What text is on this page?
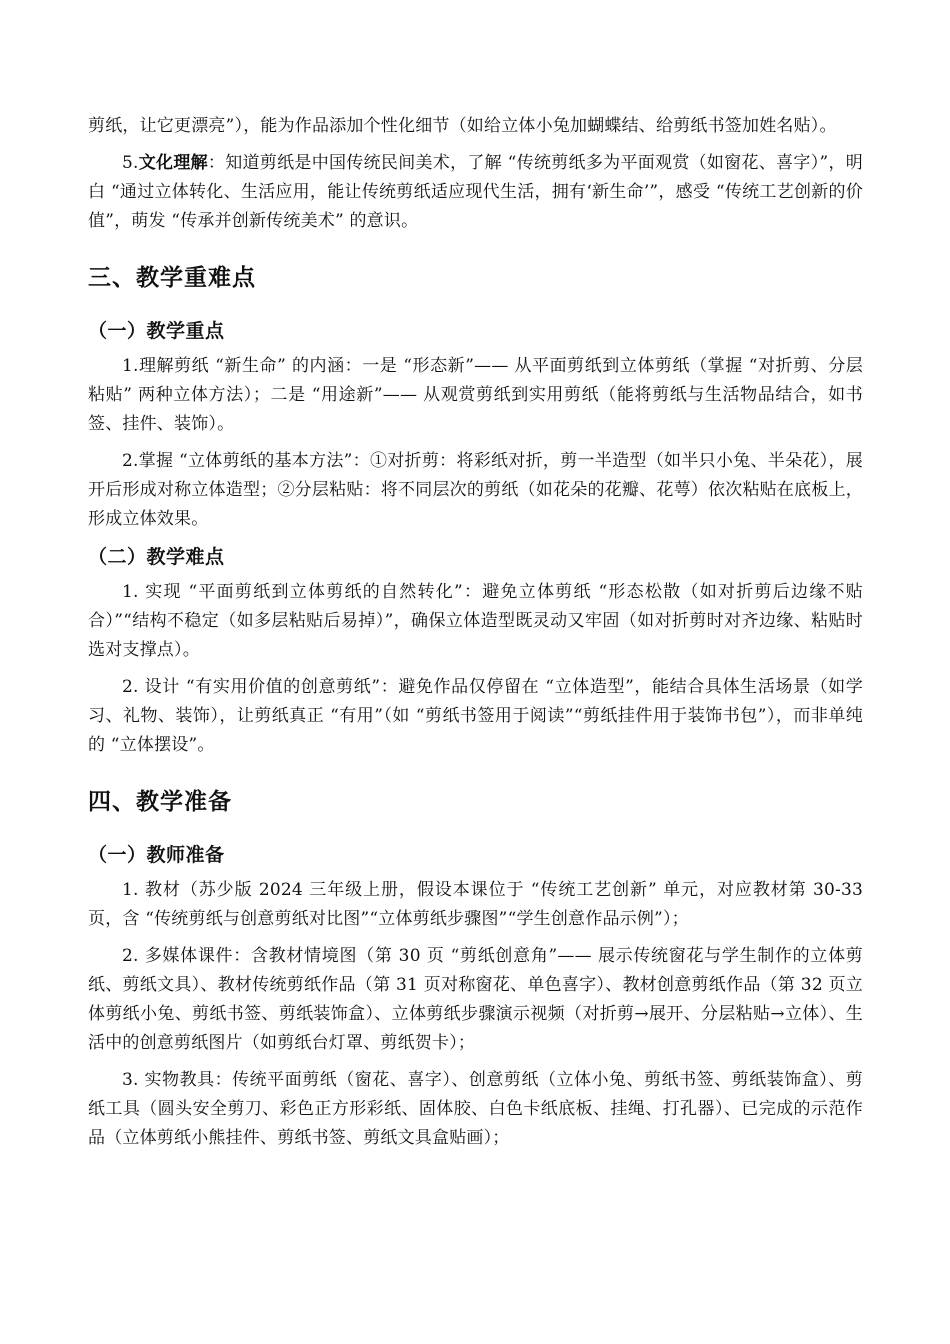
剪纸，让它更漂亮”），能为作品添加个性化细节（如给立体小兔加蝴蝶结、给剪纸书签加姓名贴）。

5.文化理解：知道剪纸是中国传统民间美术，了解 “传统剪纸多为平面观赏（如窗花、喜字）”，明白 “通过立体转化、生活应用，能让传统剪纸适应现代生活，拥有‘新生命’”，感受 “传统工艺创新的价值”，萌发 “传承并创新传统美术” 的意识。

三、教学重难点
（一）教学重点

1.理解剪纸 “新生命” 的内涵：一是 “形态新”—— 从平面剪纸到立体剪纸（掌握 “对折剪、分层粘贴” 两种立体方法）；二是 “用途新”—— 从观赏剪纸到实用剪纸（能将剪纸与生活物品结合，如书签、挂件、装饰）。

2.掌握 “立体剪纸的基本方法”：①对折剪：将彩纸对折，剪一半造型（如半只小兔、半朵花），展开后形成对称立体造型；②分层粘贴：将不同层次的剪纸（如花朵的花瓣、花萼）依次粘贴在底板上，形成立体效果。

（二）教学难点

1. 实现 “平面剪纸到立体剪纸的自然转化”：避免立体剪纸 “形态松散（如对折剪后边缘不贴合）”“结构不稳定（如多层粘贴后易掉）”，确保立体造型既灵动又牢固（如对折剪时对齐边缘、粘贴时选对支撑点）。

2. 设计 “有实用价值的创意剪纸”：避免作品仅停留在 “立体造型”，能结合具体生活场景（如学习、礼物、装饰），让剪纸真正 “有用”（如 “剪纸书签用于阅读”“剪纸挂件用于装饰书包”），而非单纯的 “立体摆设”。

四、教学准备
（一）教师准备

1. 教材（苏少版 2024 三年级上册，假设本课位于 “传统工艺创新” 单元，对应教材第 30-33 页，含 “传统剪纸与创意剪纸对比图”“立体剪纸步骤图”“学生创意作品示例”）；

2. 多媒体课件：含教材情境图（第 30 页 “剪纸创意角”—— 展示传统窗花与学生制作的立体剪纸、剪纸文具）、教材传统剪纸作品（第 31 页对称窗花、单色喜字）、教材创意剪纸作品（第 32 页立体剪纸小兔、剪纸书签、剪纸装饰盒）、立体剪纸步骤演示视频（对折剪→展开、分层粘贴→立体）、生活中的创意剪纸图片（如剪纸台灯罩、剪纸贺卡）；

3. 实物教具：传统平面剪纸（窗花、喜字）、创意剪纸（立体小兔、剪纸书签、剪纸装饰盒）、剪纸工具（圆头安全剪刀、彩色正方形彩纸、固体胶、白色卡纸底板、挂绳、打孔器）、已完成的示范作品（立体剪纸小熊挂件、剪纸书签、剪纸文具盒贴画）；
